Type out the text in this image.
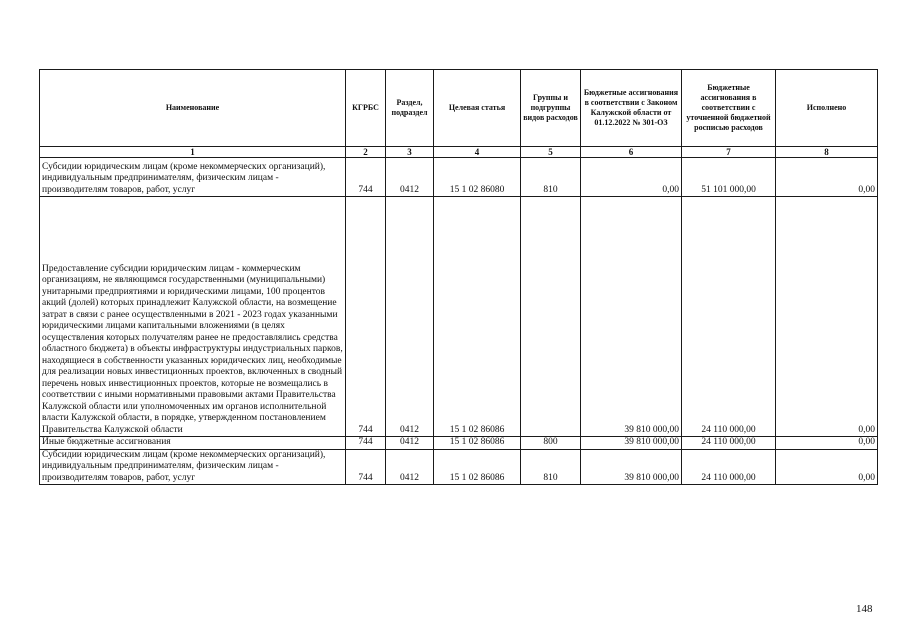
Наименование	КГРБС	Раздел, подраздел	Целевая статья	Группы и подгруппы видов расходов	Бюджетные ассигнования в соответствии с Законом Калужской области от 01.12.2022 № 301-ОЗ	Бюджетные ассигнования в соответствии с уточненной бюджетной росписью расходов	Исполнено
1	2	3	4	5	6	7	8
Субсидии юридическим лицам (кроме некоммерческих организаций), индивидуальным предпринимателям, физическим лицам - производителям товаров, работ, услуг	744	0412	15 1 02 86080	810	0,00	51 101 000,00	0,00
Предоставление субсидии юридическим лицам - коммерческим организациям, не являющимся государственными (муниципальными) унитарными предприятиями и юридическими лицами, 100 процентов акций (долей) которых принадлежит Калужской области, на возмещение затрат в связи с ранее осуществленными в 2021 - 2023 годах указанными юридическими лицами капитальными вложениями (в целях осуществления которых получателям ранее не предоставлялись средства областного бюджета) в объекты инфраструктуры индустриальных парков, находящиеся в собственности указанных юридических лиц, необходимые для реализации новых инвестиционных проектов, включенных в сводный перечень новых инвестиционных проектов, которые не возмещались в соответствии с иными нормативными правовыми актами Правительства Калужской области или уполномоченных им органов исполнительной власти Калужской области, в порядке, утвержденном постановлением Правительства Калужской области	744	0412	15 1 02 86086		39 810 000,00	24 110 000,00	0,00
Иные бюджетные ассигнования	744	0412	15 1 02 86086	800	39 810 000,00	24 110 000,00	0,00
Субсидии юридическим лицам (кроме некоммерческих организаций), индивидуальным предпринимателям, физическим лицам - производителям товаров, работ, услуг	744	0412	15 1 02 86086	810	39 810 000,00	24 110 000,00	0,00
148
